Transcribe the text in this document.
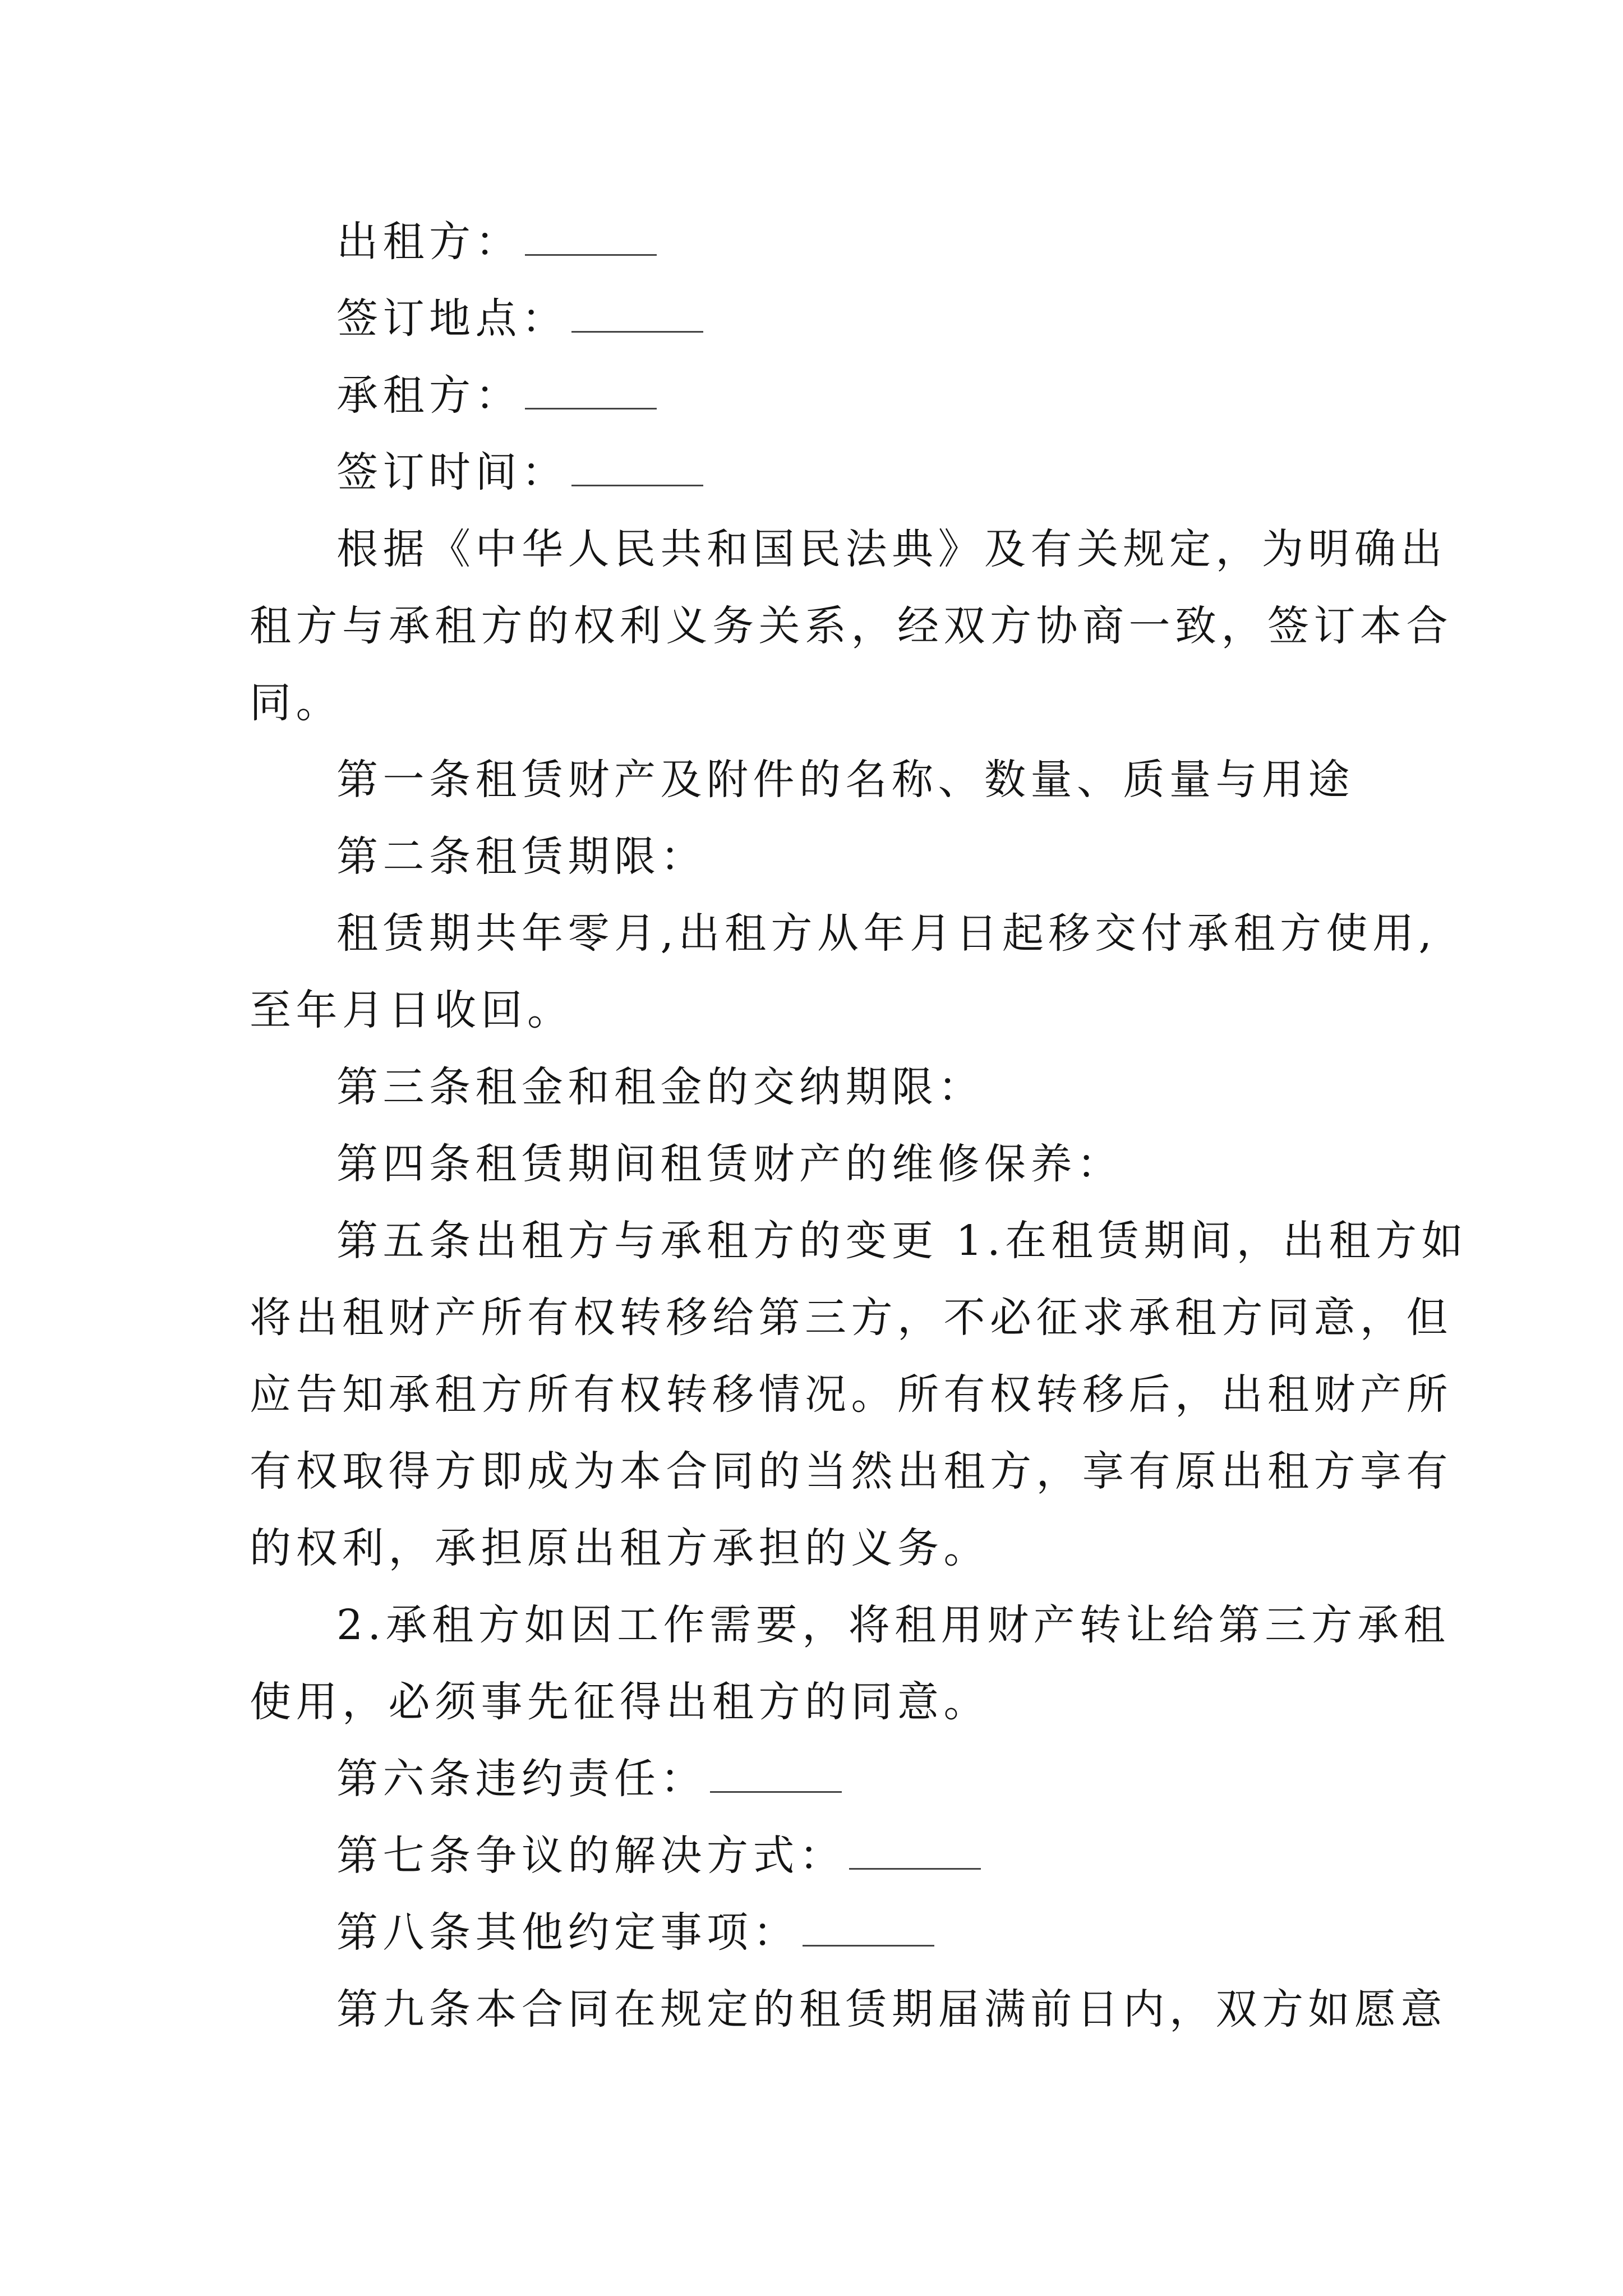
出租方：
签订地点：
承租方：
签订时间：
根据《中华人民共和国民法典》及有关规定，为明确出
租方与承租方的权利义务关系，经双方协商一致，签订本合
同。
第一条租赁财产及附件的名称、数量、质量与用途
第二条租赁期限：
租赁期共年零月,出租方从年月日起移交付承租方使用,
至年月日收回。
第三条租金和租金的交纳期限：
第四条租赁期间租赁财产的维修保养：
第五条出租方与承租方的变更 1.在租赁期间，出租方如
将出租财产所有权转移给第三方，不必征求承租方同意，但
应告知承租方所有权转移情况。所有权转移后，出租财产所
有权取得方即成为本合同的当然出租方，享有原出租方享有
的权利，承担原出租方承担的义务。
2.承租方如因工作需要，将租用财产转让给第三方承租
使用，必须事先征得出租方的同意。
第六条违约责任：
第七条争议的解决方式：
第八条其他约定事项：
第九条本合同在规定的租赁期届满前日内，双方如愿意
